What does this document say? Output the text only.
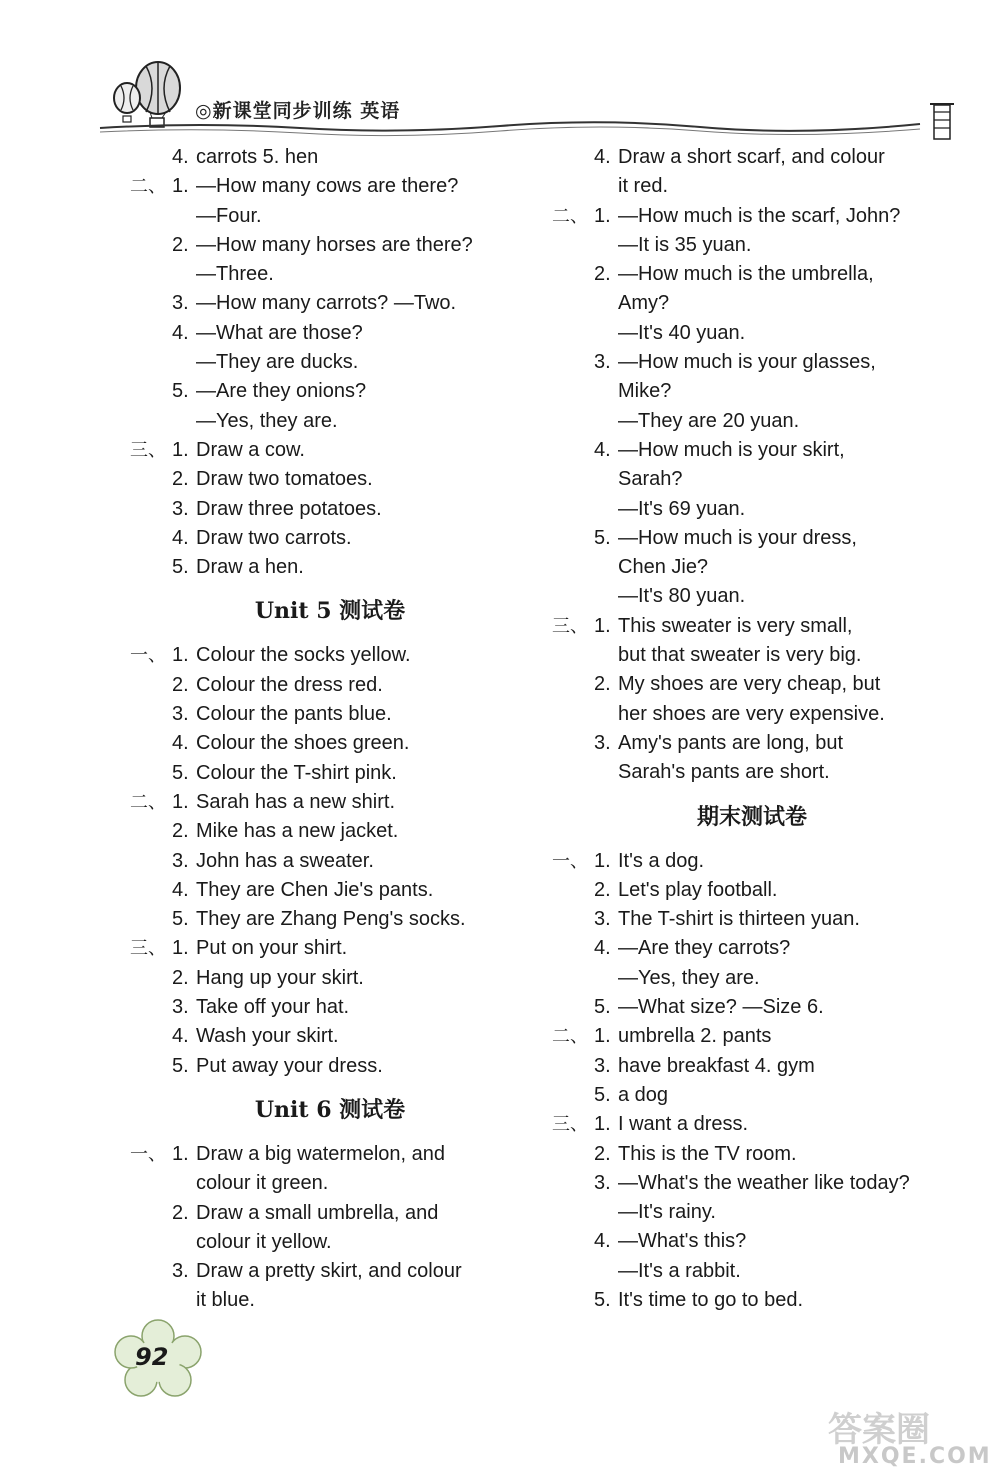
◎新课堂同步训练 英语
4. carrots 5. hen
二、 1. —How many cows are there?
—Four.
2. —How many horses are there?
—Three.
3. —How many carrots? —Two.
4. —What are those?
—They are ducks.
5. —Are they onions?
—Yes, they are.
三、 1. Draw a cow.
2. Draw two tomatoes.
3. Draw three potatoes.
4. Draw two carrots.
5. Draw a hen.
Unit 5 测试卷
一、 1. Colour the socks yellow.
2. Colour the dress red.
3. Colour the pants blue.
4. Colour the shoes green.
5. Colour the T-shirt pink.
二、 1. Sarah has a new shirt.
2. Mike has a new jacket.
3. John has a sweater.
4. They are Chen Jie's pants.
5. They are Zhang Peng's socks.
三、 1. Put on your shirt.
2. Hang up your skirt.
3. Take off your hat.
4. Wash your skirt.
5. Put away your dress.
Unit 6 测试卷
一、 1. Draw a big watermelon, and
colour it green.
2. Draw a small umbrella, and
colour it yellow.
3. Draw a pretty skirt, and colour
it blue.
4. Draw a short scarf, and colour
it red.
二、 1. —How much is the scarf, John?
—It is 35 yuan.
2. —How much is the umbrella,
Amy?
—It's 40 yuan.
3. —How much is your glasses,
Mike?
—They are 20 yuan.
4. —How much is your skirt,
Sarah?
—It's 69 yuan.
5. —How much is your dress,
Chen Jie?
—It's 80 yuan.
三、 1. This sweater is very small,
but that sweater is very big.
2. My shoes are very cheap, but
her shoes are very expensive.
3. Amy's pants are long, but
Sarah's pants are short.
期末测试卷
一、 1. It's a dog.
2. Let's play football.
3. The T-shirt is thirteen yuan.
4. —Are they carrots?
—Yes, they are.
5. —What size? —Size 6.
二、 1. umbrella 2. pants
3. have breakfast 4. gym
5. a dog
三、 1. I want a dress.
2. This is the TV room.
3. —What's the weather like today?
—It's rainy.
4. —What's this?
—It's a rabbit.
5. It's time to go to bed.
92
答案圈
MXQE.COM
